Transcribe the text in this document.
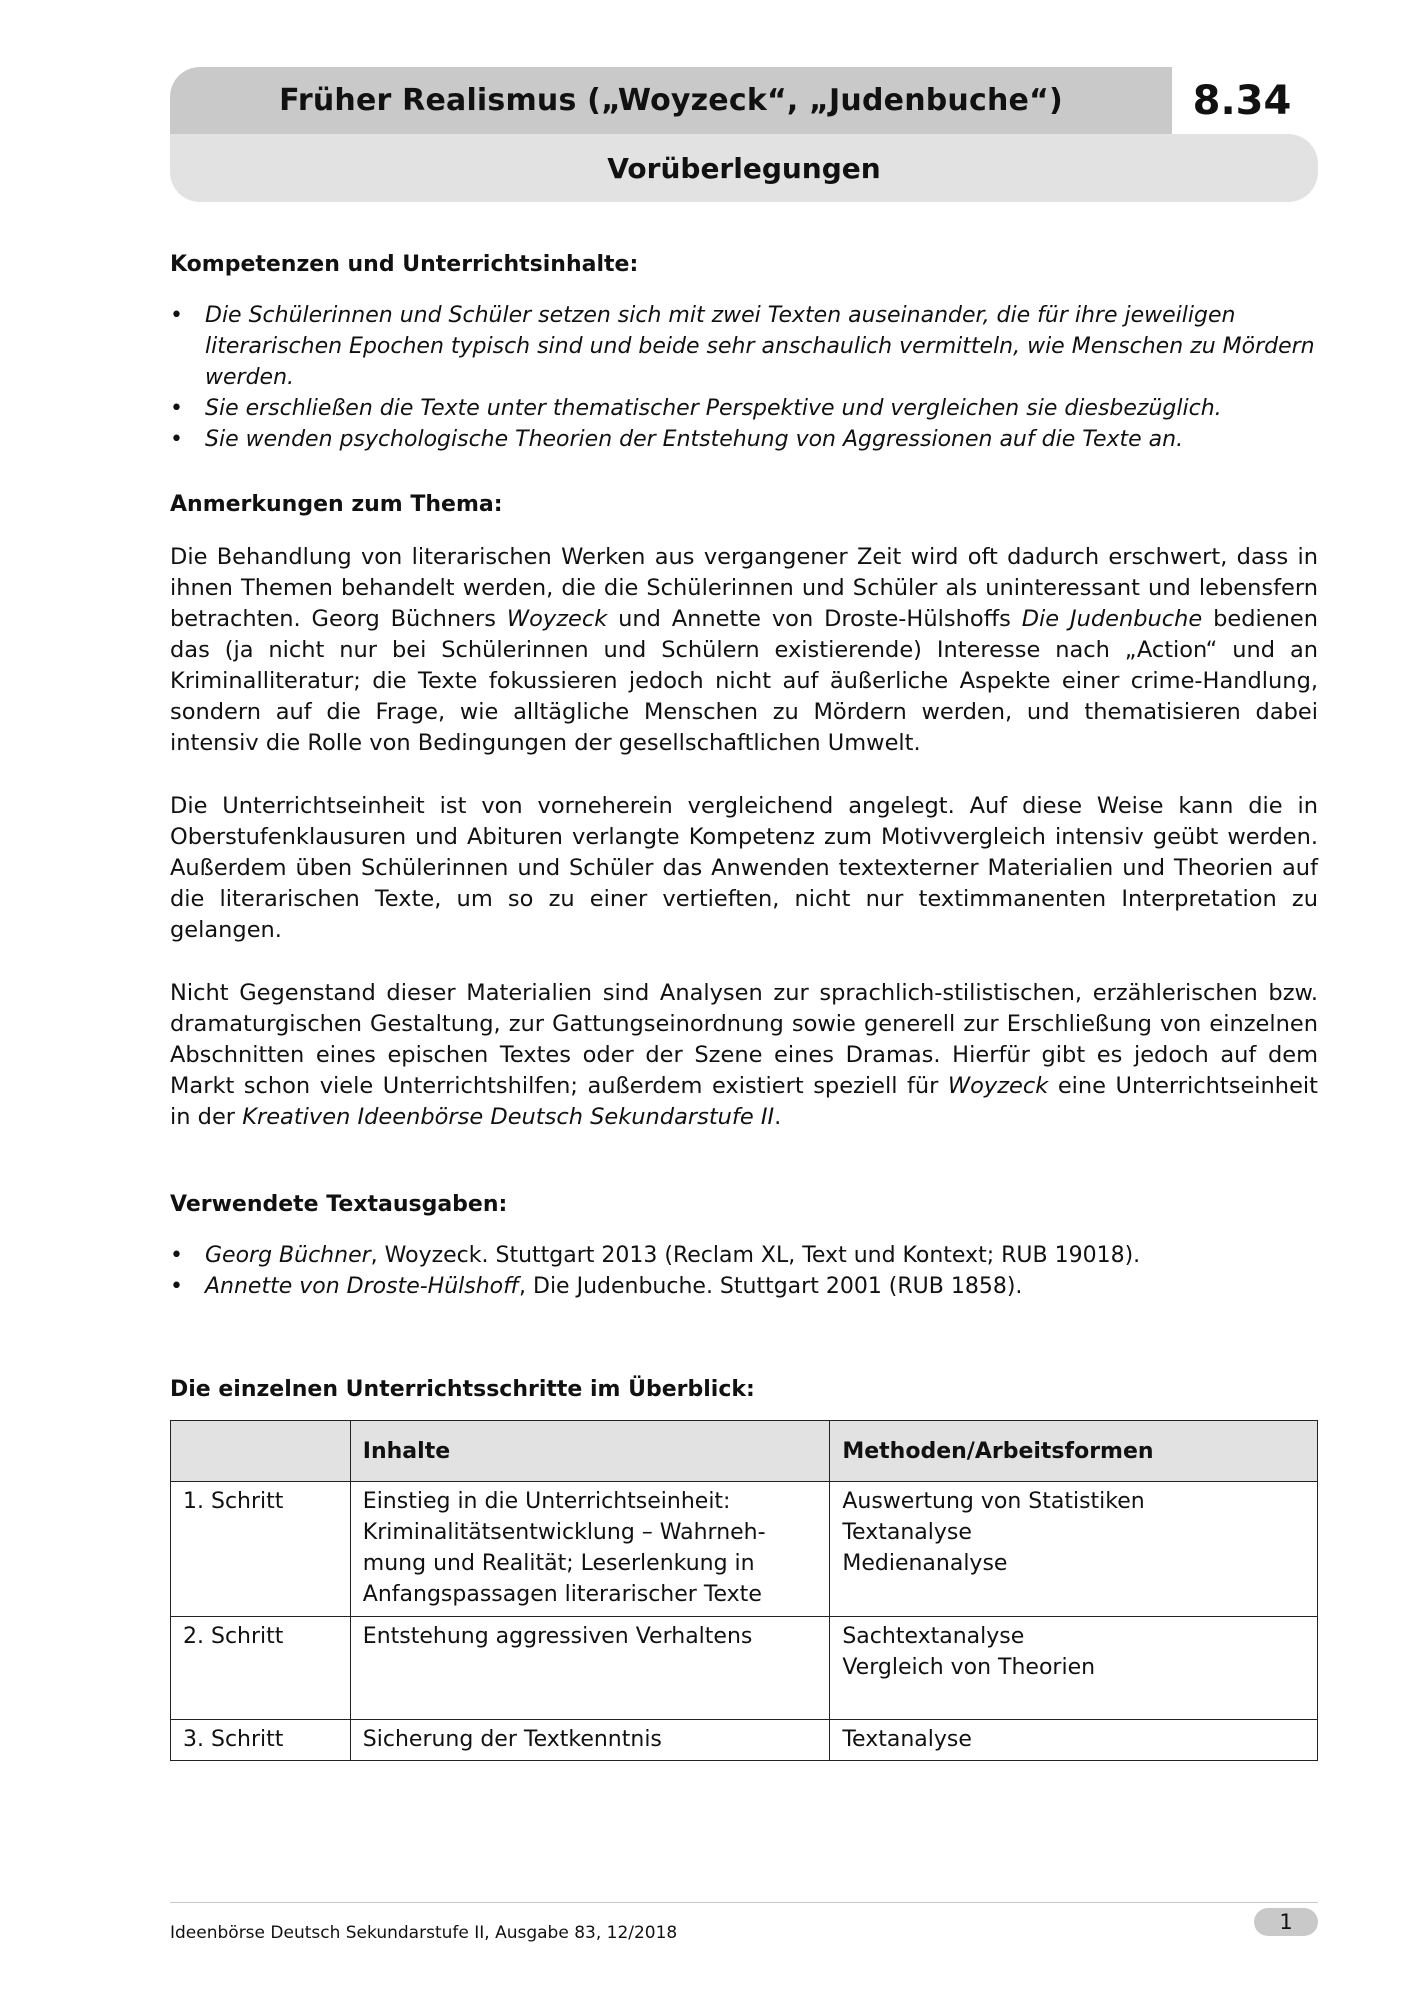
Früher Realismus („Woyzeck“, „Judenbuche“)	8.34
Vorüberlegungen
Kompetenzen und Unterrichtsinhalte:
• Die Schülerinnen und Schüler setzen sich mit zwei Texten auseinander, die für ihre jeweiligen literarischen Epochen typisch sind und beide sehr anschaulich vermitteln, wie Menschen zu Mördern werden.
• Sie erschließen die Texte unter thematischer Perspektive und vergleichen sie diesbezüglich.
• Sie wenden psychologische Theorien der Entstehung von Aggressionen auf die Texte an.
Anmerkungen zum Thema:

Die Behandlung von literarischen Werken aus vergangener Zeit wird oft dadurch erschwert, dass in ihnen Themen behandelt werden, die die Schülerinnen und Schüler als uninteressant und lebensfern betrachten. Georg Büchners Woyzeck und Annette von Droste-Hülshoffs Die Judenbuche bedienen das (ja nicht nur bei Schülerinnen und Schülern existierende) Interesse nach „Action“ und an Kriminalliteratur; die Texte fokussieren jedoch nicht auf äußerliche Aspekte einer crime-Handlung, sondern auf die Frage, wie alltägliche Menschen zu Mördern werden, und thematisieren dabei intensiv die Rolle von Bedingungen der gesellschaftlichen Umwelt.

Die Unterrichtseinheit ist von vorneherein vergleichend angelegt. Auf diese Weise kann die in Oberstufenklausuren und Abituren verlangte Kompetenz zum Motivvergleich intensiv geübt werden. Außerdem üben Schülerinnen und Schüler das Anwenden textexterner Materialien und Theorien auf die literarischen Texte, um so zu einer vertieften, nicht nur textimmanenten Interpretation zu gelangen.

Nicht Gegenstand dieser Materialien sind Analysen zur sprachlich-stilistischen, erzählerischen bzw. dramaturgischen Gestaltung, zur Gattungseinordnung sowie generell zur Erschließung von einzelnen Abschnitten eines epischen Textes oder der Szene eines Dramas. Hierfür gibt es jedoch auf dem Markt schon viele Unterrichtshilfen; außerdem existiert speziell für Woyzeck eine Unterrichtseinheit in der Kreativen Ideenbörse Deutsch Sekundarstufe II.

Verwendete Textausgaben:
• Georg Büchner, Woyzeck. Stuttgart 2013 (Reclam XL, Text und Kontext; RUB 19018).
• Annette von Droste-Hülshoff, Die Judenbuche. Stuttgart 2001 (RUB 1858).
Die einzelnen Unterrichtsschritte im Überblick:
	Inhalte	Methoden/Arbeitsformen
1. Schritt	Einstieg in die Unterrichtseinheit:
Kriminalitätsentwicklung – Wahrneh-
mung und Realität; Leserlenkung in
Anfangspassagen literarischer Texte	Auswertung von Statistiken
Textanalyse
Medienanalyse
2. Schritt	Entstehung aggressiven Verhaltens	Sachtextanalyse
Vergleich von Theorien
3. Schritt	Sicherung der Textkenntnis	Textanalyse
Ideenbörse Deutsch Sekundarstufe II, Ausgabe 83, 12/2018	1
